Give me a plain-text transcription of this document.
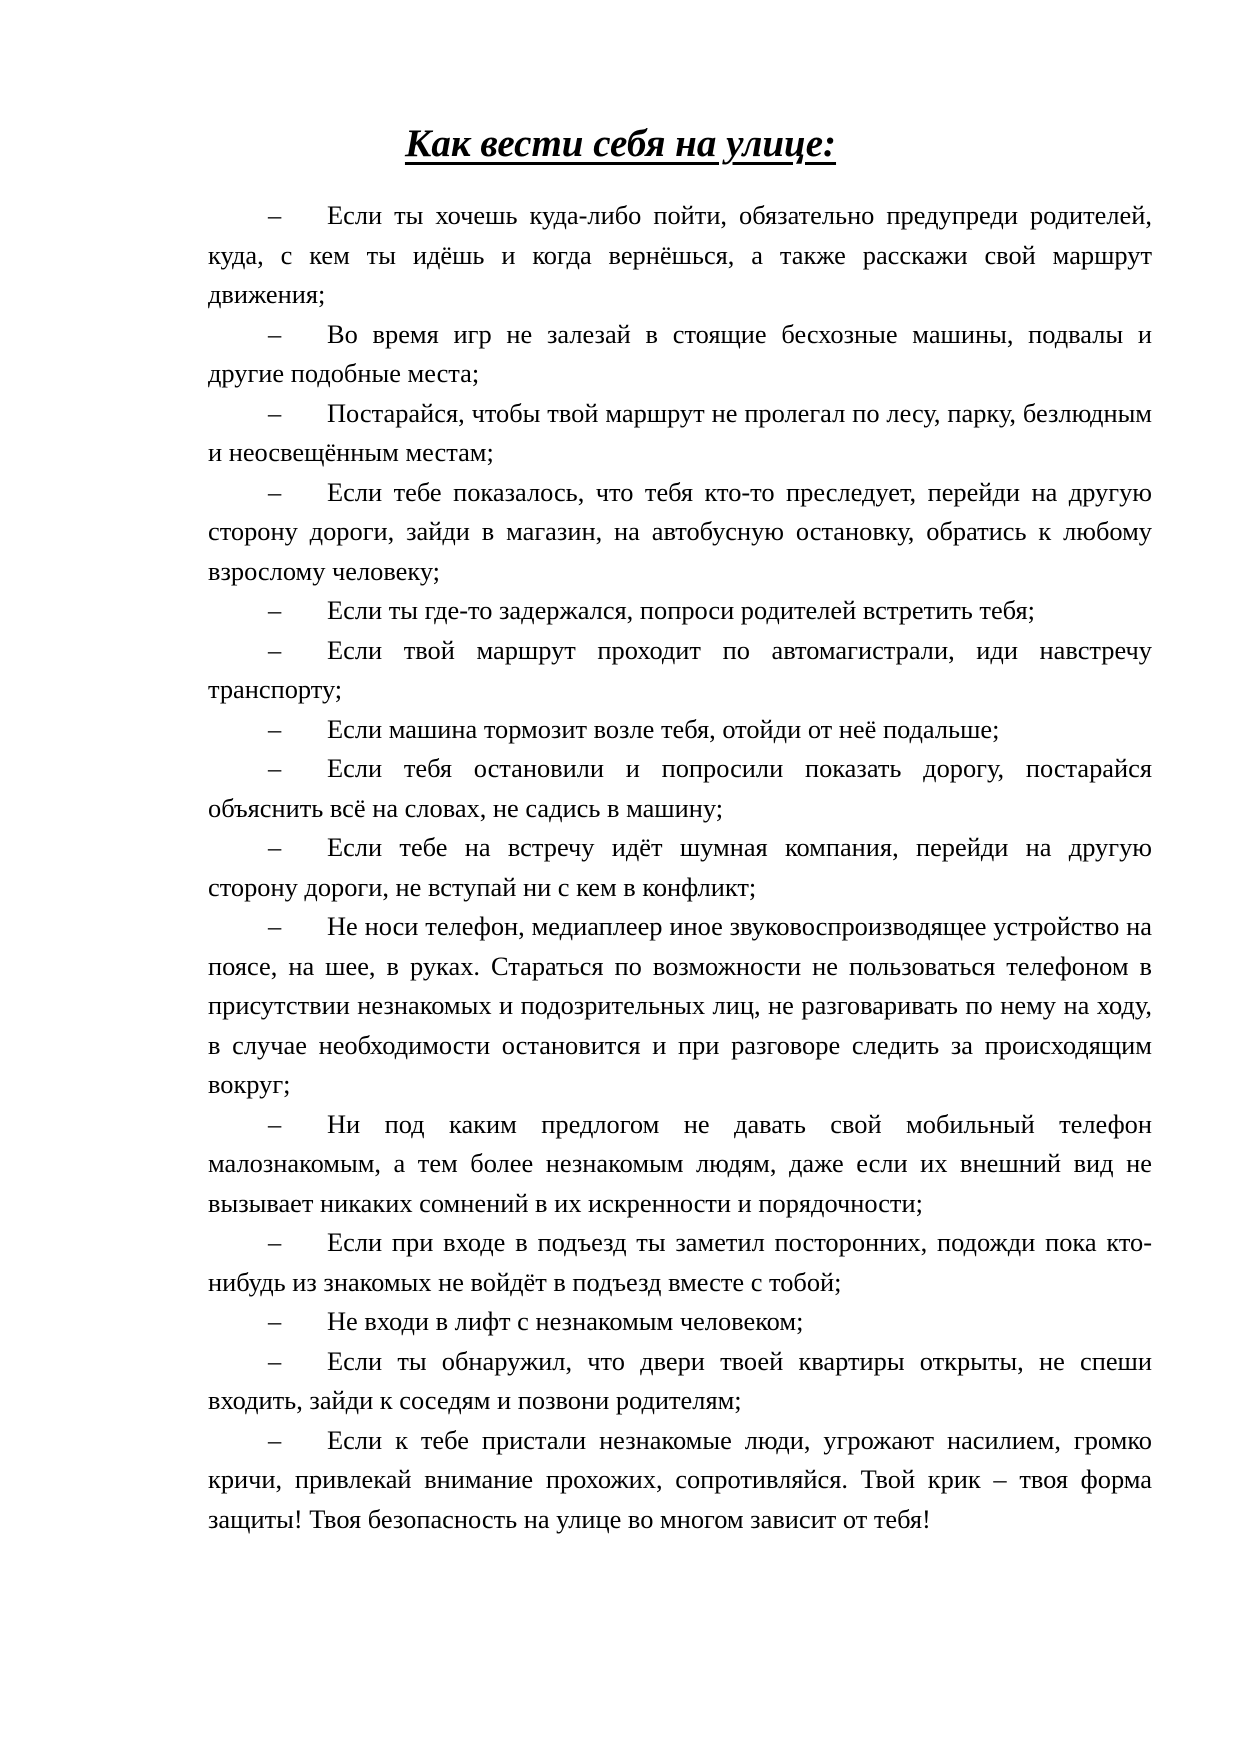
Как вести себя на улице:
– Если ты хочешь куда-либо пойти, обязательно предупреди родителей, куда, с кем ты идёшь и когда вернёшься, а также расскажи свой маршрут движения;
– Во время игр не залезай в стоящие бесхозные машины, подвалы и другие подобные места;
– Постарайся, чтобы твой маршрут не пролегал по лесу, парку, безлюдным и неосвещённым местам;
– Если тебе показалось, что тебя кто-то преследует, перейди на другую сторону дороги, зайди в магазин, на автобусную остановку, обратись к любому взрослому человеку;
– Если ты где-то задержался, попроси родителей встретить тебя;
– Если твой маршрут проходит по автомагистрали, иди навстречу транспорту;
– Если машина тормозит возле тебя, отойди от неё подальше;
– Если тебя остановили и попросили показать дорогу, постарайся объяснить всё на словах, не садись в машину;
– Если тебе на встречу идёт шумная компания, перейди на другую сторону дороги, не вступай ни с кем в конфликт;
– Не носи телефон, медиаплеер иное звуковоспроизводящее устройство на поясе, на шее, в руках. Стараться по возможности не пользоваться телефоном в присутствии незнакомых и подозрительных лиц, не разговаривать по нему на ходу, в случае необходимости остановится и при разговоре следить за происходящим вокруг;
– Ни под каким предлогом не давать свой мобильный телефон малознакомым, а тем более незнакомым людям, даже если их внешний вид не вызывает никаких сомнений в их искренности и порядочности;
– Если при входе в подъезд ты заметил посторонних, подожди пока кто-нибудь из знакомых не войдёт в подъезд вместе с тобой;
– Не входи в лифт с незнакомым человеком;
– Если ты обнаружил, что двери твоей квартиры открыты, не спеши входить, зайди к соседям и позвони родителям;
– Если к тебе пристали незнакомые люди, угрожают насилием, громко кричи, привлекай внимание прохожих, сопротивляйся. Твой крик – твоя форма защиты! Твоя безопасность на улице во многом зависит от тебя!
